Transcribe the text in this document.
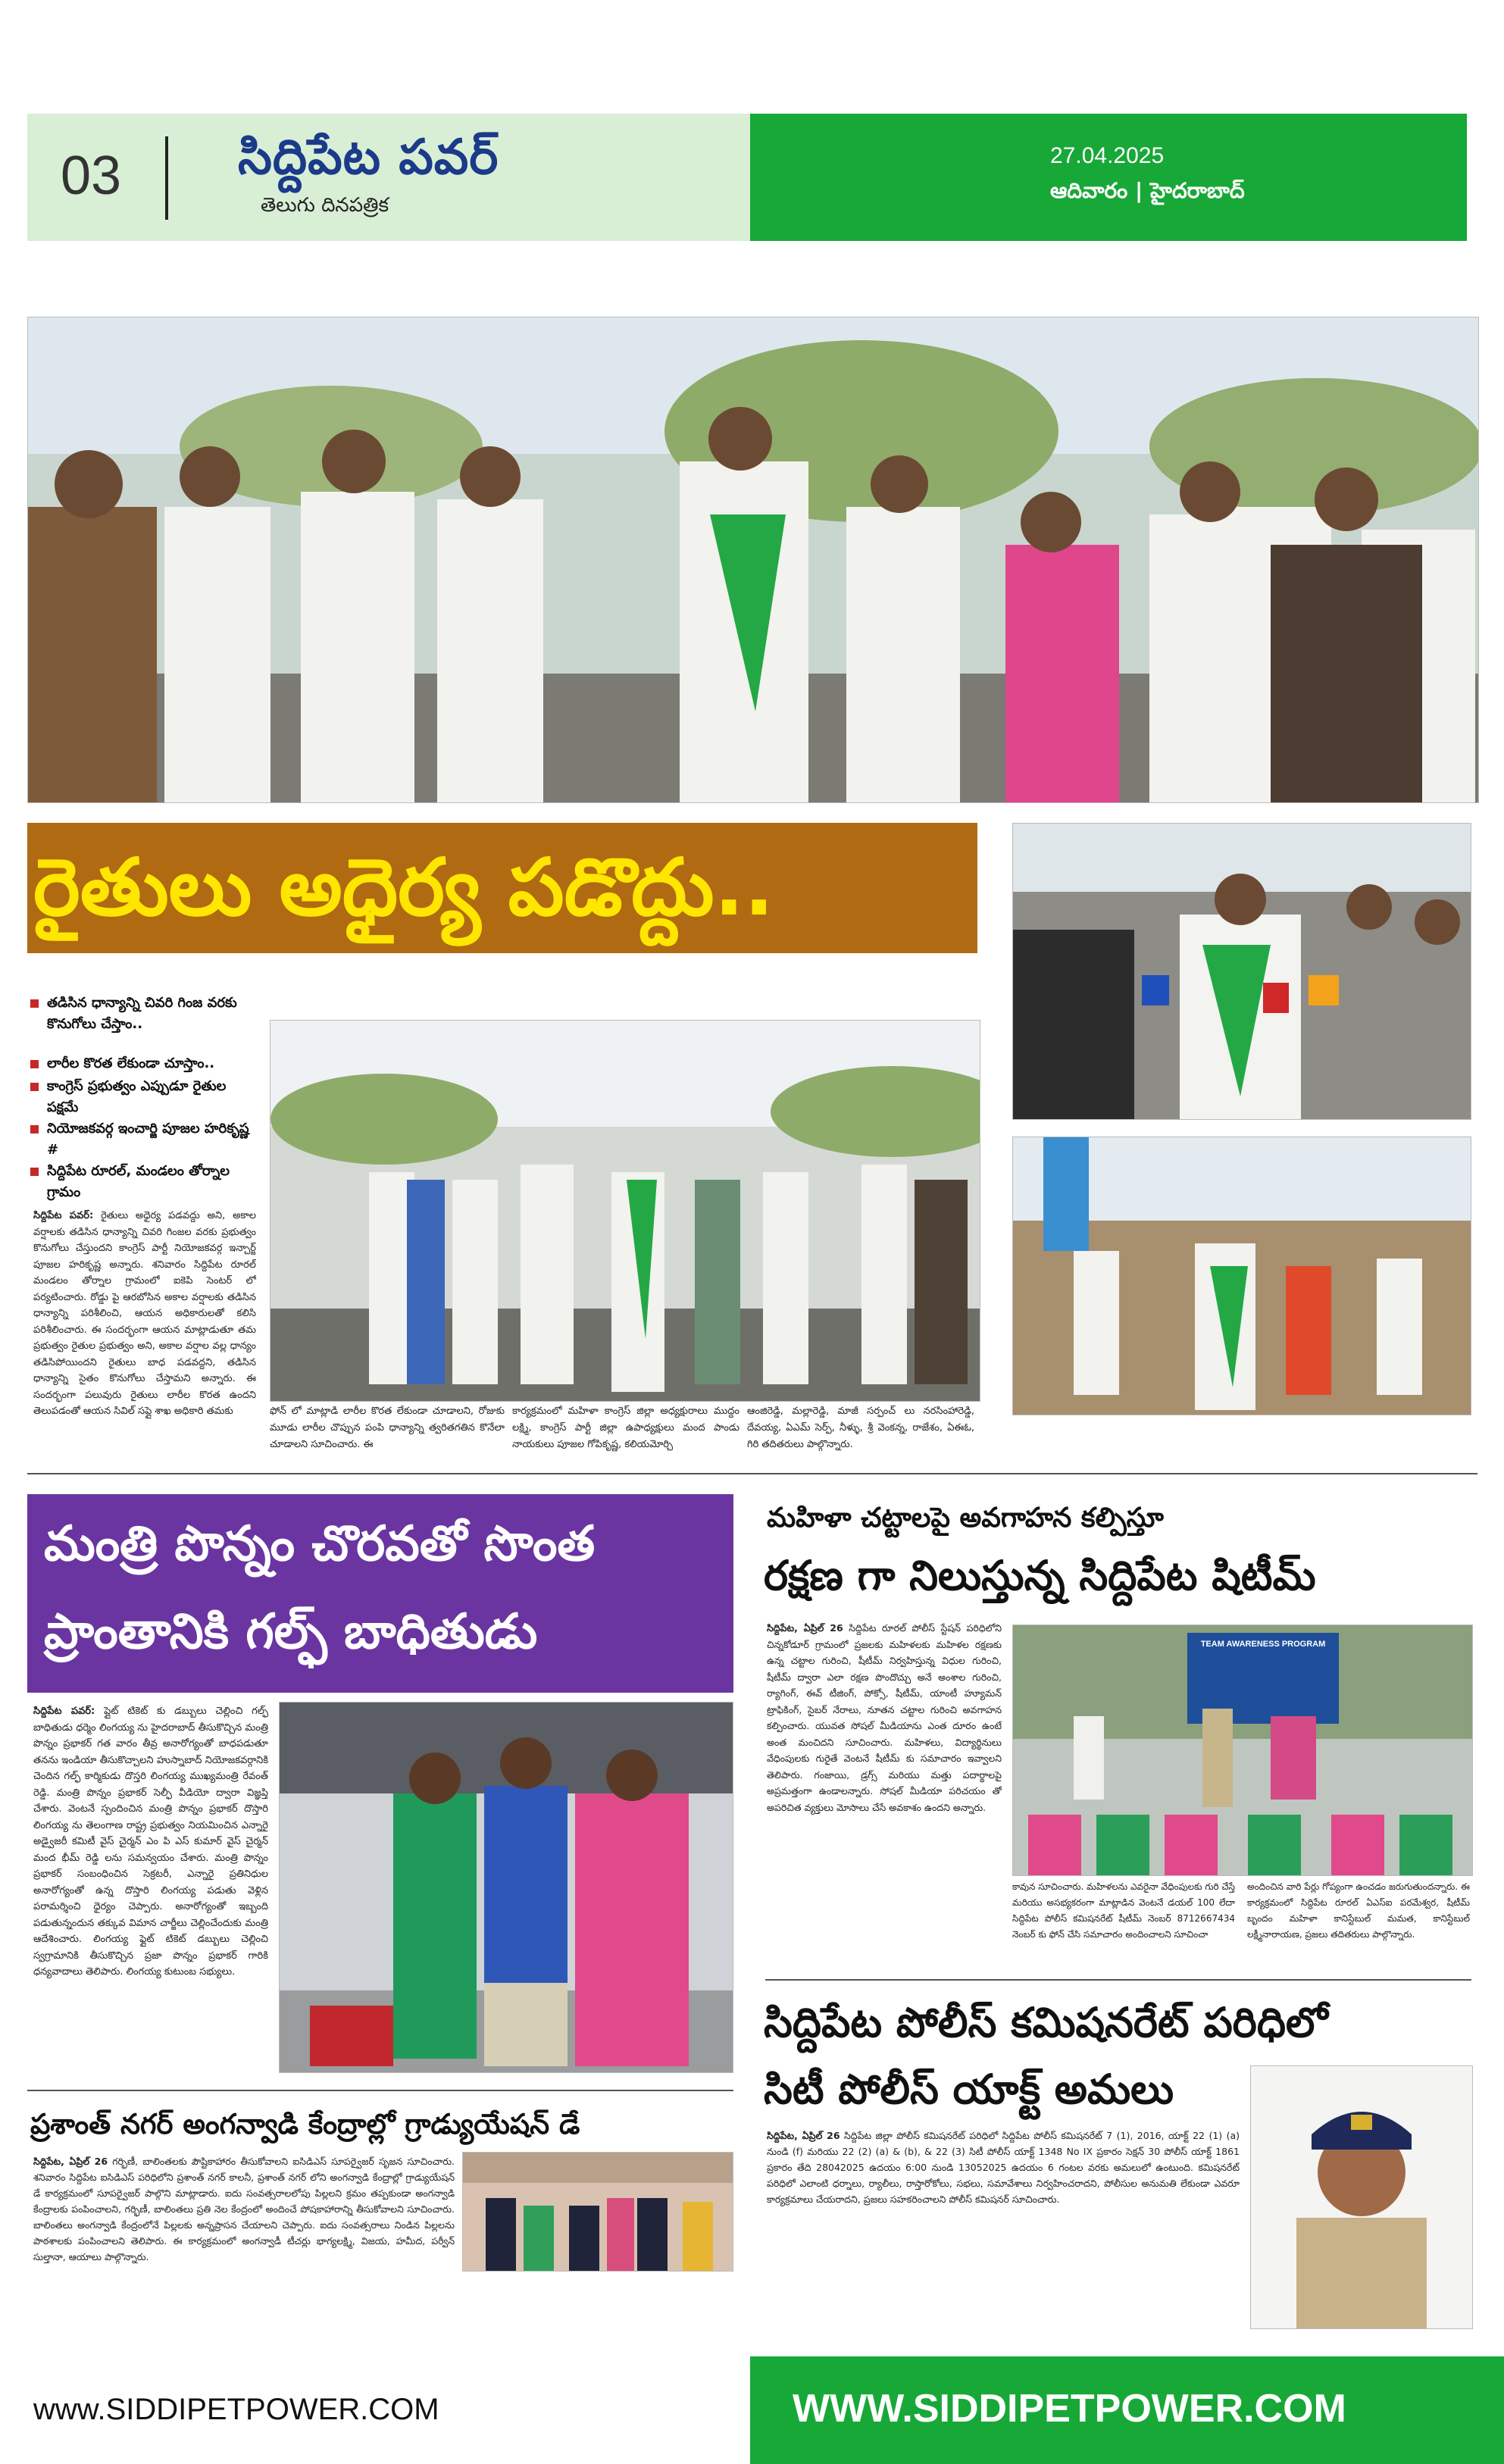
03 సిద్దిపేట పవర్
తెలుగు దినపత్రిక
27.04.2025
ఆదివారం | హైదరాబాద్
రైతులు అధైర్య పడొద్దు..
తడిసిన ధాన్యాన్ని చివరి గింజ వరకు కొనుగోలు చేస్తాం..
లారీల కొరత లేకుండా చూస్తాం..
కాంగ్రెస్ ప్రభుత్వం ఎప్పుడూ రైతుల పక్షమే
నియోజకవర్గ ఇంచార్జి పూజల హరికృష్ణ #
సిద్దిపేట రూరల్, మండలం తోర్నాల గ్రామం
సిద్దిపేట పవర్: రైతులు అధైర్య పడవద్దు అని, అకాల వర్షాలకు తడిసిన ధాన్యాన్ని చివరి గింజల వరకు ప్రభుత్వం కొనుగోలు చేస్తుందని కాంగ్రెస్ పార్టీ నియోజకవర్గ ఇన్చార్జ్ పూజల హరికృష్ణ అన్నారు. శనివారం సిద్దిపేట రూరల్ మండలం తోర్నాల గ్రామంలో ఐకెపి సెంటర్ లో పర్యటించారు. రోడ్డు పై ఆరబోసిన అకాల వర్షాలకు తడిసిన ధాన్యాన్ని పరిశీలించి, ఆయన అధికారులతో కలిసి పరిశీలించారు. ఈ సందర్భంగా ఆయన మాట్లాడుతూ తమ ప్రభుత్వం రైతుల ప్రభుత్వం అని, అకాల వర్షాల వల్ల ధాన్యం తడిసిపోయిందని రైతులు బాధ పడవద్దని, తడిసిన ధాన్యాన్ని సైతం కొనుగోలు చేస్తామని అన్నారు. ఈ సందర్భంగా పలువురు రైతులు లారీల కొరత ఉందని తెలుపడంతో ఆయన సివిల్ సప్లై శాఖ అధికారి తమకు	ఫోన్ లో మాట్లాడి లారీల కొరత లేకుండా చూడాలని, రోజుకు మూడు లారీల చొప్పున పంపి ధాన్యాన్ని త్వరితగతిన కొనేలా చూడాలని సూచించారు. ఈ
కార్యక్రమంలో మహిళా కాంగ్రెస్ జిల్లా అధ్యక్షురాలు ముద్దం లక్ష్మి, కాంగ్రెస్ పార్టీ జిల్లా ఉపాధ్యక్షులు మంద పాండు నాయకులు పూజల గోపికృష్ణ, కలియమోర్చి
ఆంజిరెడ్డి, మల్లారెడ్డి, మాజీ సర్పంచ్ లు నరసింహారెడ్డి, దేవయ్య, ఏఎమ్ సెర్ప్, నీళ్ళు, శ్రీ వెంకన్న, రాజేశం, ఏఈఓ, గిరి తదితరులు పాల్గొన్నారు.
మంత్రి పొన్నం చొరవతో సొంత
ప్రాంతానికి గల్ఫ్ బాధితుడు
సిద్దిపేట పవర్: ప్లైట్ టికెట్ కు డబ్బులు చెల్లించి గల్ఫ్ బాధితుడు ధర్మెం లింగయ్య ను హైదరాబాద్ తీసుకొచ్చిన మంత్రి పొన్నం ప్రభాకర్ గత వారం తీవ్ర అనారోగ్యంతో బాధపడుతూ తనను ఇండియా తీసుకొచ్చాలని హుస్నాబాద్ నియోజకవర్గానికి చెందిన గల్ఫ్ కార్మికుడు దొస్తరి లింగయ్య ముఖ్యమంత్రి రేవంత్ రెడ్డి. మంత్రి పొన్నం ప్రభాకర్ సెల్ఫీ వీడియో ద్వారా విజ్ఞప్తి చేశారు. వెంటనే స్పందించిన మంత్రి పొన్నం ప్రభాకర్ దొస్తారి లింగయ్య ను తెలంగాణ రాష్ట్ర ప్రభుత్వం నియమించిన ఎన్నారై అడ్వైజరీ కమిటీ వైస్ చైర్మన్ ఎం పి ఎస్ కుమార్ వైస్ చైర్మన్ మంద భీమ్ రెడ్డి లను సమన్వయం చేశారు. మంత్రి పొన్నం ప్రభాకర్ సంబంధించిన సెక్రటరీ, ఎన్నారై ప్రతినిధుల అనారోగ్యంతో ఉన్న దొస్తారి లింగయ్య పడుతు వెళ్లిన పరామర్శించి ధైర్యం చెప్పారు. అనారోగ్యంతో ఇబ్బంది పడుతున్నందున తక్కువ విమాన చార్జీలు చెల్లించేందుకు మంత్రి ఆదేశించారు. లింగయ్య ఫ్లైట్ టికెట్ డబ్బులు చెల్లించి స్వగ్రామానికి తీసుకొచ్చిన ప్రజా పొన్నం ప్రభాకర్ గారికి ధన్యవాదాలు తెలిపారు. లింగయ్య కుటుంబ సభ్యులు.
ప్రశాంత్ నగర్ అంగన్వాడి కేంద్రాల్లో గ్రాడ్యుయేషన్ డే
సిద్దిపేట, ఏప్రిల్ 26 గర్భిణీ, బాలింతలకు పౌష్టికాహారం తీసుకోవాలని ఐసిడిఎస్ సూపర్వైజర్ సృజన సూచించారు. శనివారం సిద్దిపేట ఐసిడిఎస్ పరిధిలోని ప్రశాంత్ నగర్ కాలనీ, ప్రశాంత్ నగర్ లోని అంగన్వాడి కేంద్రాల్లో గ్రాడ్యుయేషన్ డే కార్యక్రమంలో సూపర్వైజర్ పాల్గొని మాట్లాడారు. ఐదు సంవత్సరాలలోపు పిల్లలని క్రమం తప్పకుండా అంగన్వాడి కేంద్రాలకు పంపించాలని, గర్భిణీ, బాలింతలు ప్రతి నెల కేంద్రంలో అందించే పోషకాహారాన్ని తీసుకోవాలని సూచించారు. బాలింతలు అంగన్వాడి కేంద్రంలోనే పిల్లలకు అన్నప్రాసన చేయాలని చెప్పారు. ఐదు సంవత్సరాలు నిండిన పిల్లలను పాఠశాలకు పంపించాలని తెలిపారు. ఈ కార్యక్రమంలో అంగన్వాడీ టీచర్లు భాగ్యలక్ష్మి, విజయ, హమీద, పర్వీన్ సుల్తానా, ఆయాలు పాల్గొన్నారు.
మహిళా చట్టాలపై అవగాహన కల్పిస్తూ
రక్షణ గా నిలుస్తున్న సిద్దిపేట షిటీమ్
సిద్దిపేట, ఏప్రిల్ 26 సిద్దిపేట రూరల్ పోలీస్ స్టేషన్ పరిధిలోని చిన్నకోడూర్ గ్రామంలో ప్రజలకు మహిళలకు మహిళల రక్షణకు ఉన్న చట్టాల గురించి, షీటీమ్ నిర్వహిస్తున్న విధుల గురించి, షీటీమ్ ద్వారా ఎలా రక్షణ పొందొచ్చు అనే అంశాల గురించి, ర్యాగింగ్, ఈవ్ టీజింగ్, పోక్సో, షీటీమ్, యాంటీ హ్యూమన్ ట్రాఫికింగ్, సైబర్ నేరాలు, నూతన చట్టాల గురించి అవగాహన కల్పించారు. యువత సోషల్ మీడియాను ఎంత దూరం ఉంటే అంత మంచిదని సూచించారు. మహిళలు, విద్యార్థినులు వేధింపులకు గురైతే వెంటనే షీటీమ్ కు సమాచారం ఇవ్వాలని తెలిపారు. గంజాయి, డ్రగ్స్ మరియు మత్తు పదార్థాలపై అప్రమత్తంగా ఉండాలన్నారు. సోషల్ మీడియా పరిచయం తో అపరిచిత వ్యక్తులు మోసాలు చేసే అవకాశం ఉందని అన్నారు.
TEAM AWARENESS PROGRAM
కావున సూచించారు. మహిళలను ఎవరైనా వేధింపులకు గురి చేస్తే మరియు అసభ్యకరంగా మాట్లాడిన వెంటనే డయల్ 100 లేదా సిద్దిపేట పోలీస్ కమిషనరేట్ షీటీమ్ నెంబర్ 8712667434 నెంబర్ కు ఫోన్ చేసి సమాచారం అందించాలని సూచించా
అందించిన వారి పేర్లు గోప్యంగా ఉంచడం జరుగుతుందన్నారు. ఈ కార్యక్రమంలో సిద్దిపేట రూరల్ ఏఎస్ఐ పరమేశ్వర, షీటీమ్ బృందం మహిళా కానిస్టేబుల్ మమత, కానిస్టేబుల్ లక్ష్మీనారాయణ, ప్రజలు తదితరులు పాల్గొన్నారు.
సిద్దిపేట పోలీస్ కమిషనరేట్ పరిధిలో
సిటీ పోలీస్ యాక్ట్ అమలు
సిద్దిపేట, ఏప్రిల్ 26 సిద్దిపేట జిల్లా పోలీస్ కమిషనరేట్ పరిధిలో సిద్దిపేట పోలీస్ కమిషనరేట్ 7 (1), 2016, యాక్ట్ 22 (1) (a) నుండి (f) మరియు 22 (2) (a) & (b), & 22 (3) సిటీ పోలీస్ యాక్ట్ 1348 No IX ప్రకారం సెక్షన్ 30 పోలీస్ యాక్ట్ 1861 ప్రకారం తేది 28042025 ఉదయం 6:00 నుండి 13052025 ఉదయం 6 గంటల వరకు అమలులో ఉంటుంది. కమిషనరేట్ పరిధిలో ఎలాంటి ధర్నాలు, ర్యాలీలు, రాస్తారోకోలు, సభలు, సమావేశాలు నిర్వహించరాదని, పోలీసుల అనుమతి లేకుండా ఎవరూ కార్యక్రమాలు చేయరాదని, ప్రజలు సహకరించాలని పోలీస్ కమిషనర్ సూచించారు.
www.SIDDIPETPOWER.COM	WWW.SIDDIPETPOWER.COM
